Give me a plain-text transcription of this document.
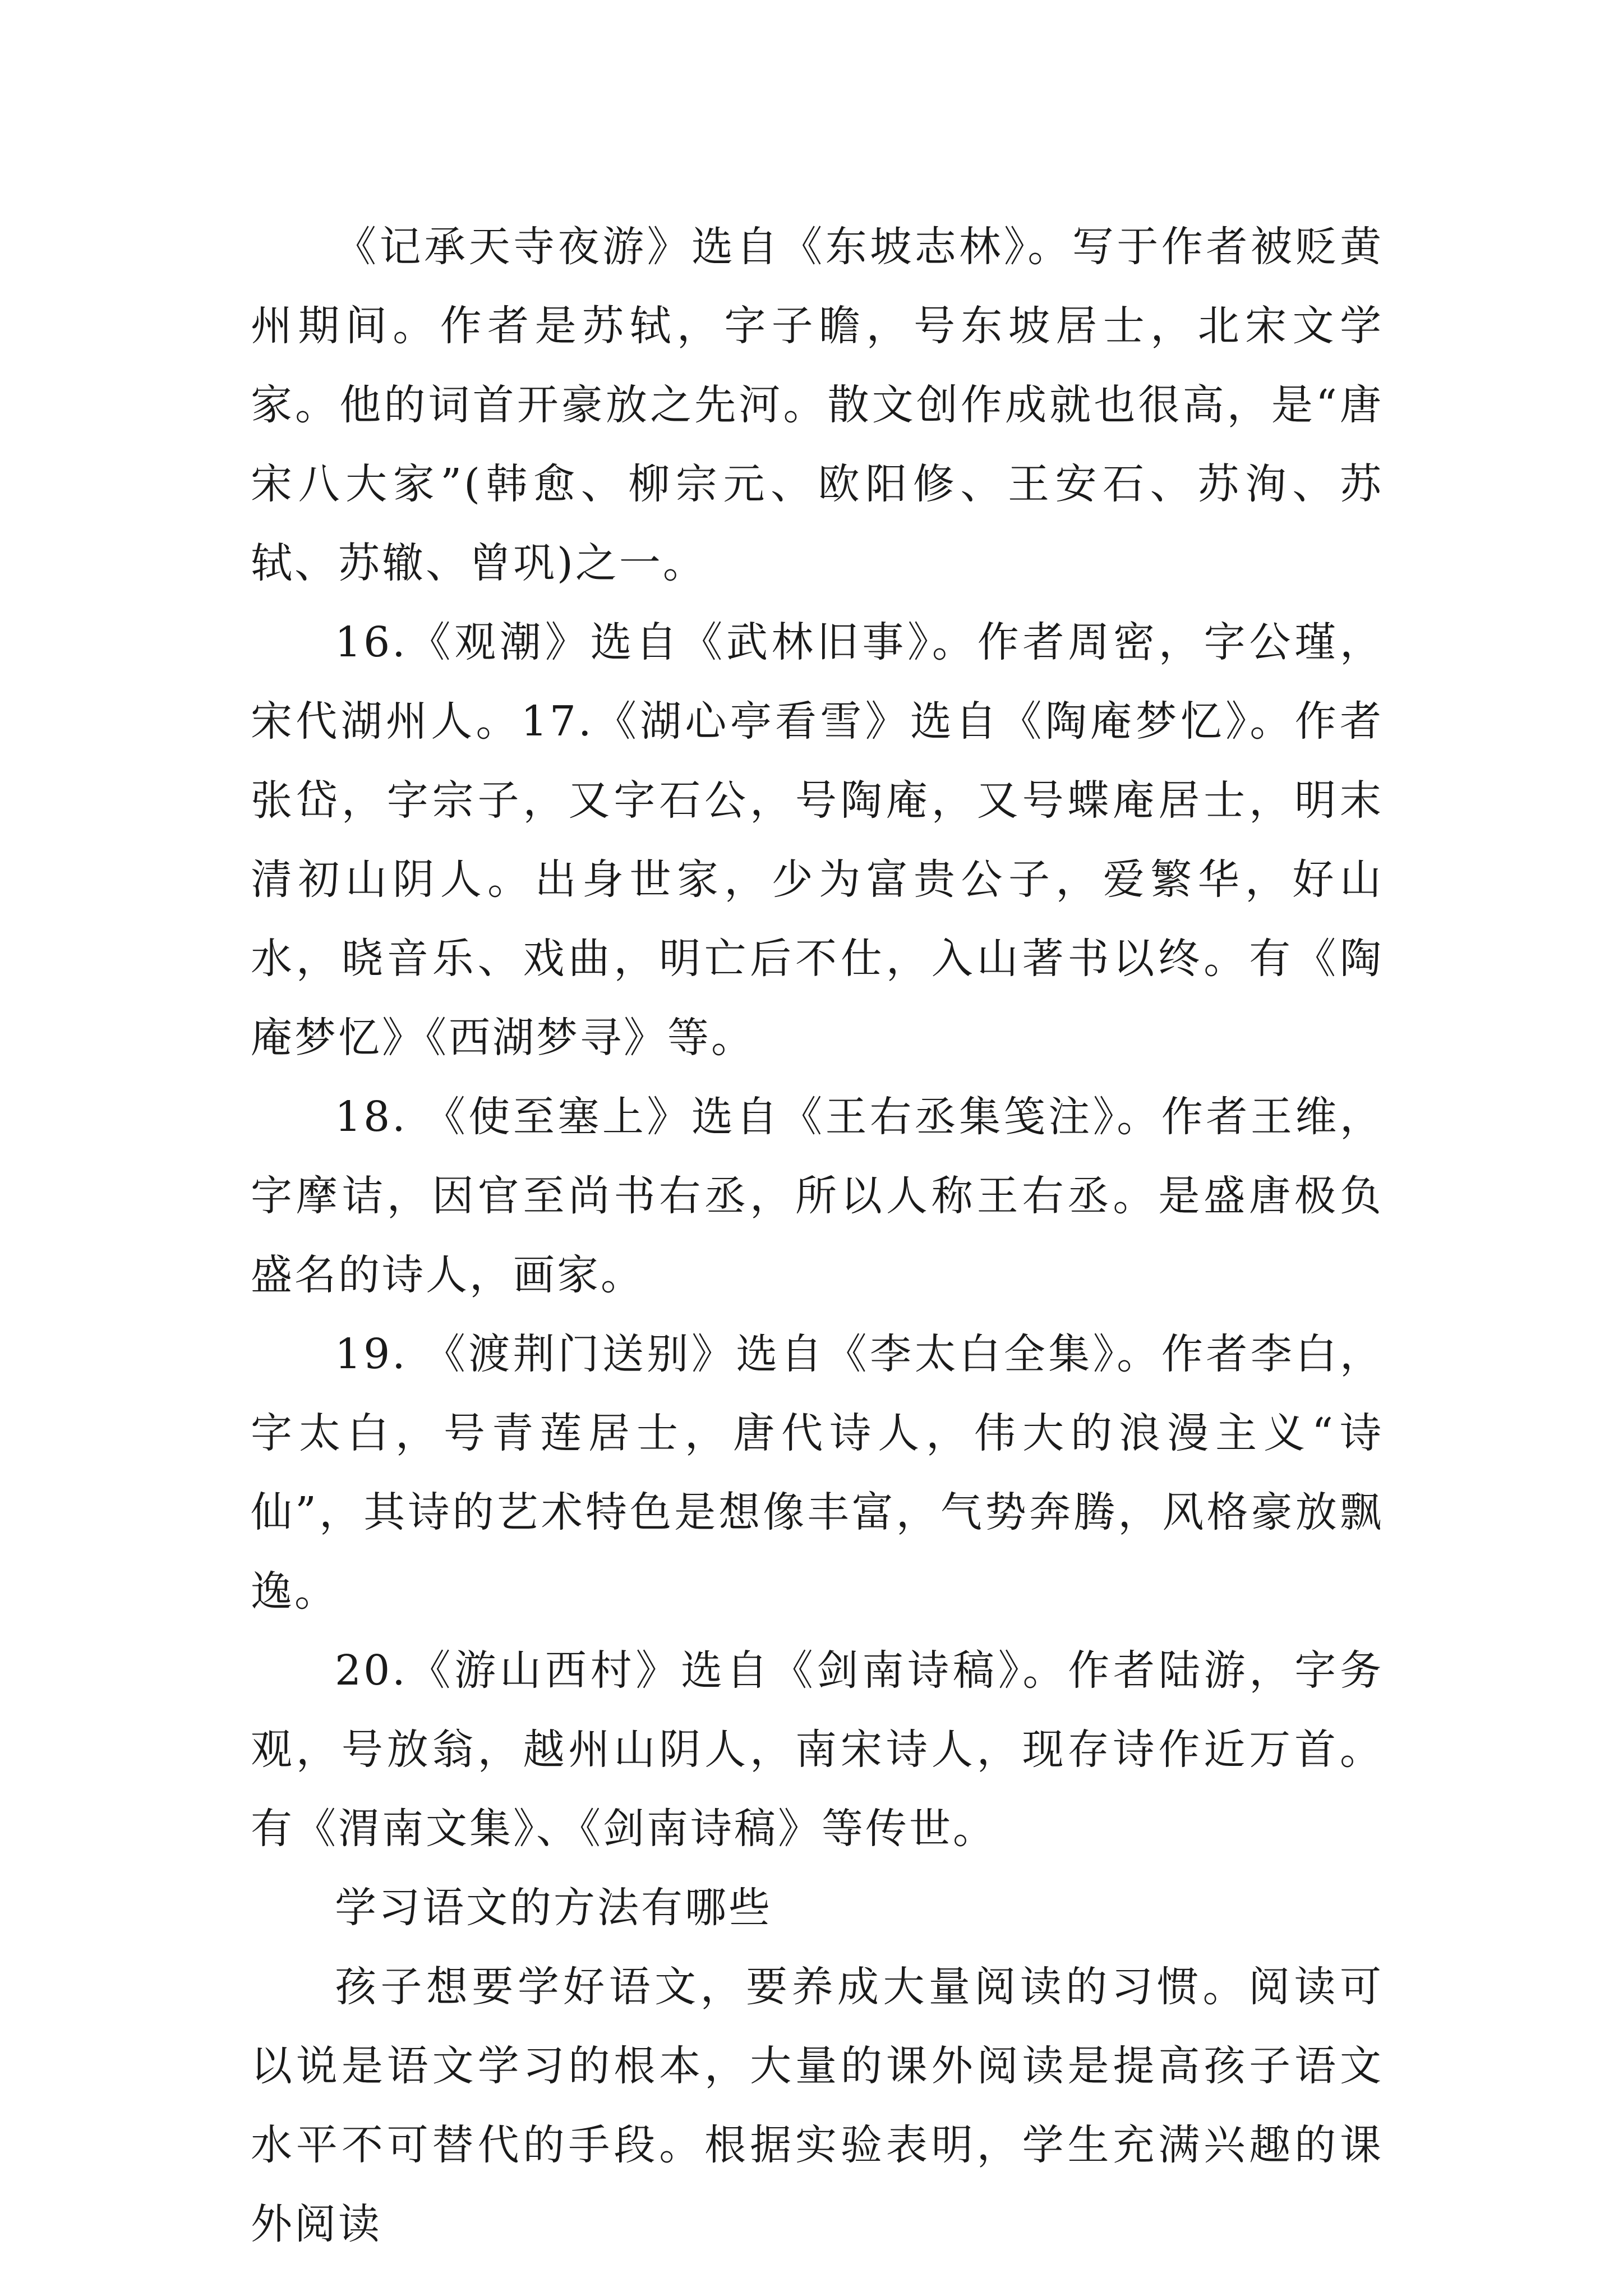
《记承天寺夜游》选自《东坡志林》。写于作者被贬黄州期间。作者是苏轼，字子瞻，号东坡居士，北宋文学家。他的词首开豪放之先河。散文创作成就也很高，是“唐宋八大家”(韩愈、柳宗元、欧阳修、王安石、苏洵、苏轼、苏辙、曾巩)之一。

16.《观潮》选自《武林旧事》。作者周密，字公瑾，宋代湖州人。17.《湖心亭看雪》选自《陶庵梦忆》。作者张岱，字宗子，又字石公，号陶庵，又号蝶庵居士，明末清初山阴人。出身世家，少为富贵公子，爱繁华，好山水，晓音乐、戏曲，明亡后不仕，入山著书以终。有《陶庵梦忆》《西湖梦寻》等。

18. 《使至塞上》选自《王右丞集笺注》。作者王维，字摩诘，因官至尚书右丞，所以人称王右丞。是盛唐极负盛名的诗人，画家。

19. 《渡荆门送别》选自《李太白全集》。作者李白，字太白，号青莲居士，唐代诗人，伟大的浪漫主义“诗仙”，其诗的艺术特色是想像丰富，气势奔腾，风格豪放飘逸。

20.《游山西村》选自《剑南诗稿》。作者陆游，字务观，号放翁，越州山阴人，南宋诗人，现存诗作近万首。有《渭南文集》、《剑南诗稿》等传世。

学习语文的方法有哪些

孩子想要学好语文，要养成大量阅读的习惯。阅读可以说是语文学习的根本，大量的课外阅读是提高孩子语文水平不可替代的手段。根据实验表明，学生充满兴趣的课外阅读
